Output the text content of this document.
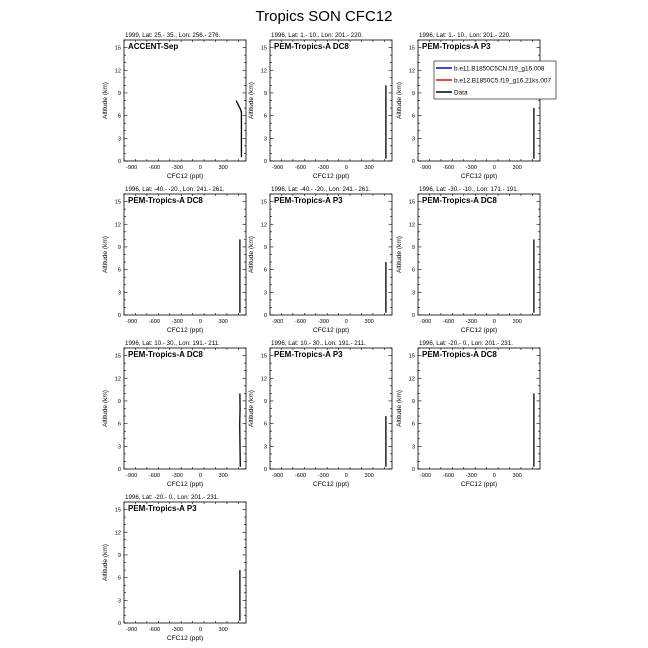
Tropics SON CFC12
1999, Lat: 25.- 35., Lon: 256.- 276.
ACCENT-Sep
-900 -600 -300	0	300
0
3
6
9
12
15
CFC12 (ppt)
Altitude (km)
1996, Lat: 1.- 10., Lon: 201.- 220.
PEM-Tropics-A DC8
-900 -600 -300	0	300
0
3
6
9
12
15
CFC12 (ppt)
Altitude (km)
1996, Lat: 1.- 10., Lon: 201.- 220.
PEM-Tropics-A P3
-900 -600 -300	0	300
0
3
6
9
12
15
CFC12 (ppt)
Altitude (km)
1996, Lat: -40.- -20., Lon: 241.- 261.
PEM-Tropics-A DC8
-900 -600 -300	0	300
0
3
6
9
12
15
CFC12 (ppt)
Altitude (km)
1996, Lat: -40.- -20., Lon: 241.- 261.
PEM-Tropics-A P3
-900 -600 -300	0	300
0
3
6
9
12
15
CFC12 (ppt)
Altitude (km)
1996, Lat: -30.- -10., Lon: 171.- 191.
PEM-Tropics-A DC8
-900 -600 -300	0	300
0
3
6
9
12
15
CFC12 (ppt)
Altitude (km)
1996, Lat: 10.- 30., Lon: 191.- 211.
PEM-Tropics-A DC8
-900 -600 -300	0	300
0
3
6
9
12
15
CFC12 (ppt)
Altitude (km)
1996, Lat: 10.- 30., Lon: 191.- 211.
PEM-Tropics-A P3
-900 -600 -300	0	300
0
3
6
9
12
15
CFC12 (ppt)
Altitude (km)
1996, Lat: -20.- 0., Lon: 201.- 231.
PEM-Tropics-A DC8
-900 -600 -300	0	300
0
3
6
9
12
15
CFC12 (ppt)
Altitude (km)
1996, Lat: -20.- 0., Lon: 201.- 231.
PEM-Tropics-A P3
-900 -600 -300	0	300
0
3
6
9
12
15
CFC12 (ppt)
Altitude (km)
b.e11.B1850C5CN.f19_g16.008
b.e12.B1850C5.f19_g16.21ks.007
Data
